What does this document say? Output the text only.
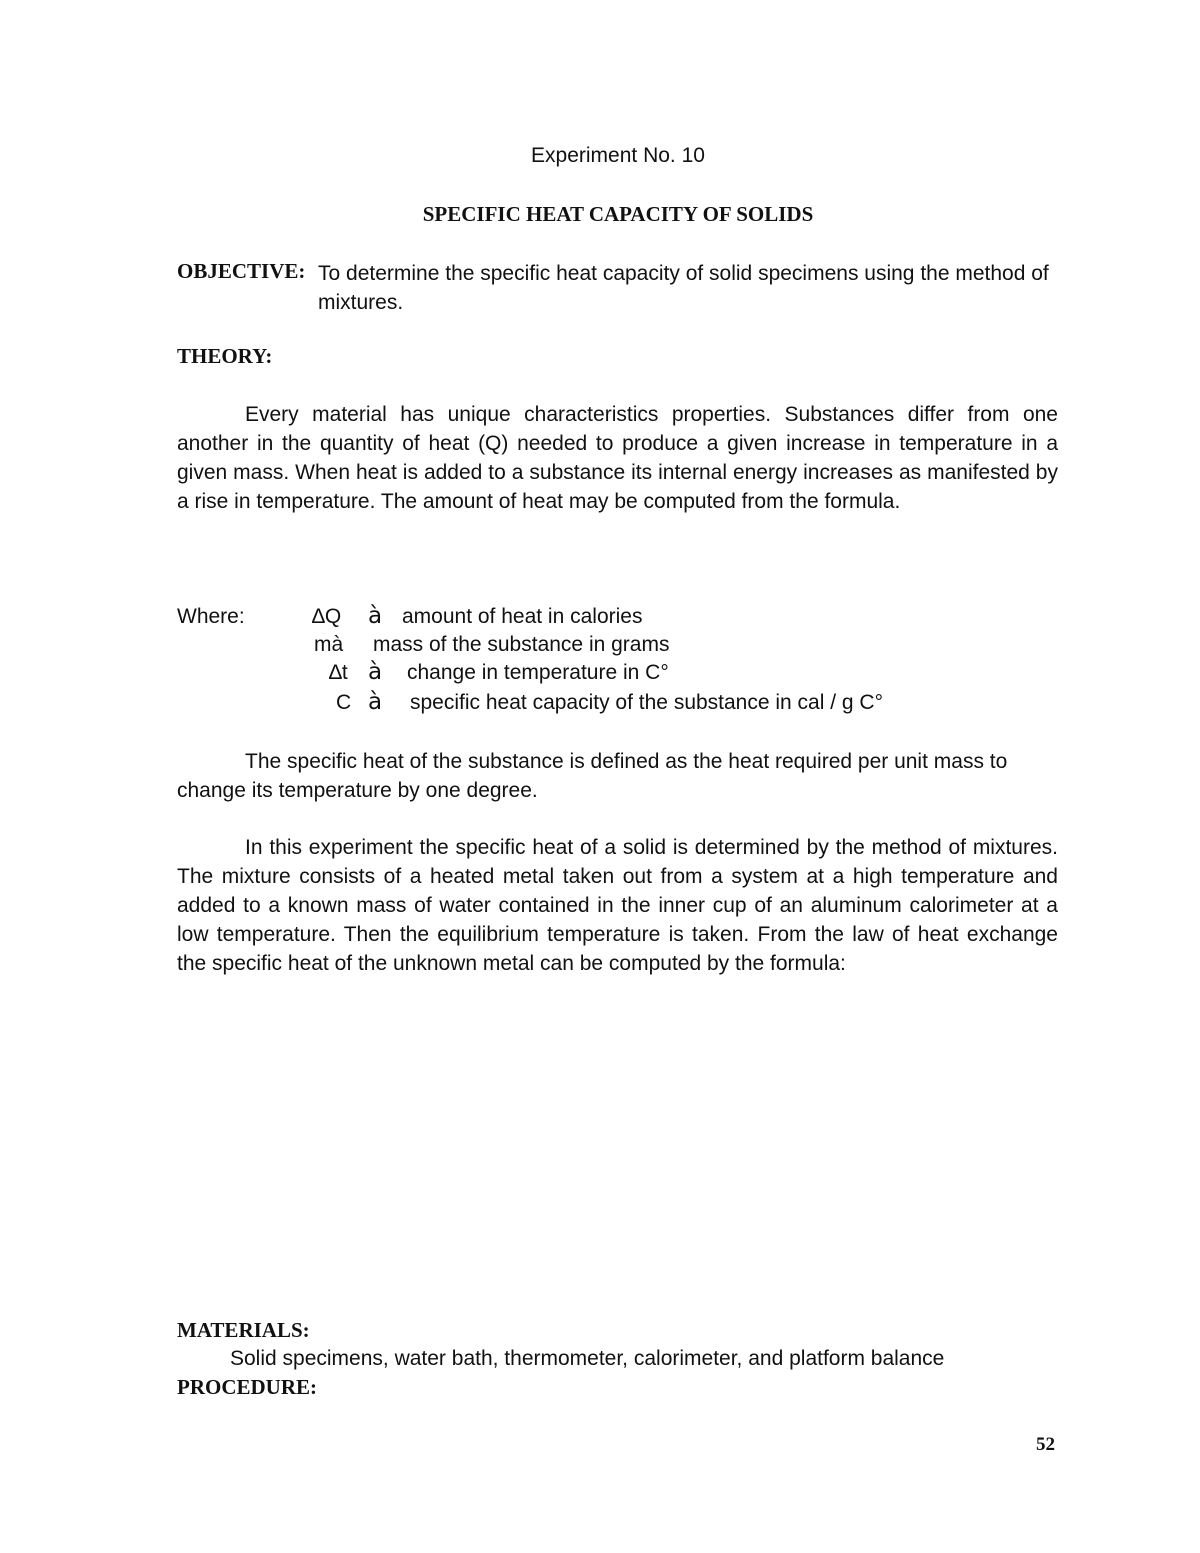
Experiment No. 10
SPECIFIC HEAT CAPACITY OF SOLIDS
OBJECTIVE: To determine the specific heat capacity of solid specimens using the method of mixtures.
THEORY:
Every material has unique characteristics properties. Substances differ from one another in the quantity of heat (Q) needed to produce a given increase in temperature in a given mass. When heat is added to a substance its internal energy increases as manifested by a rise in temperature. The amount of heat may be computed from the formula.
Where:	∆Q à amount of heat in calories
mà mass of the substance in grams
∆t à change in temperature in C°
C à specific heat capacity of the substance in cal / g C°
The specific heat of the substance is defined as the heat required per unit mass to change its temperature by one degree.
In this experiment the specific heat of a solid is determined by the method of mixtures. The mixture consists of a heated metal taken out from a system at a high temperature and added to a known mass of water contained in the inner cup of an aluminum calorimeter at a low temperature. Then the equilibrium temperature is taken. From the law of heat exchange the specific heat of the unknown metal can be computed by the formula:
MATERIALS:
Solid specimens, water bath, thermometer, calorimeter, and platform balance
PROCEDURE:
52
